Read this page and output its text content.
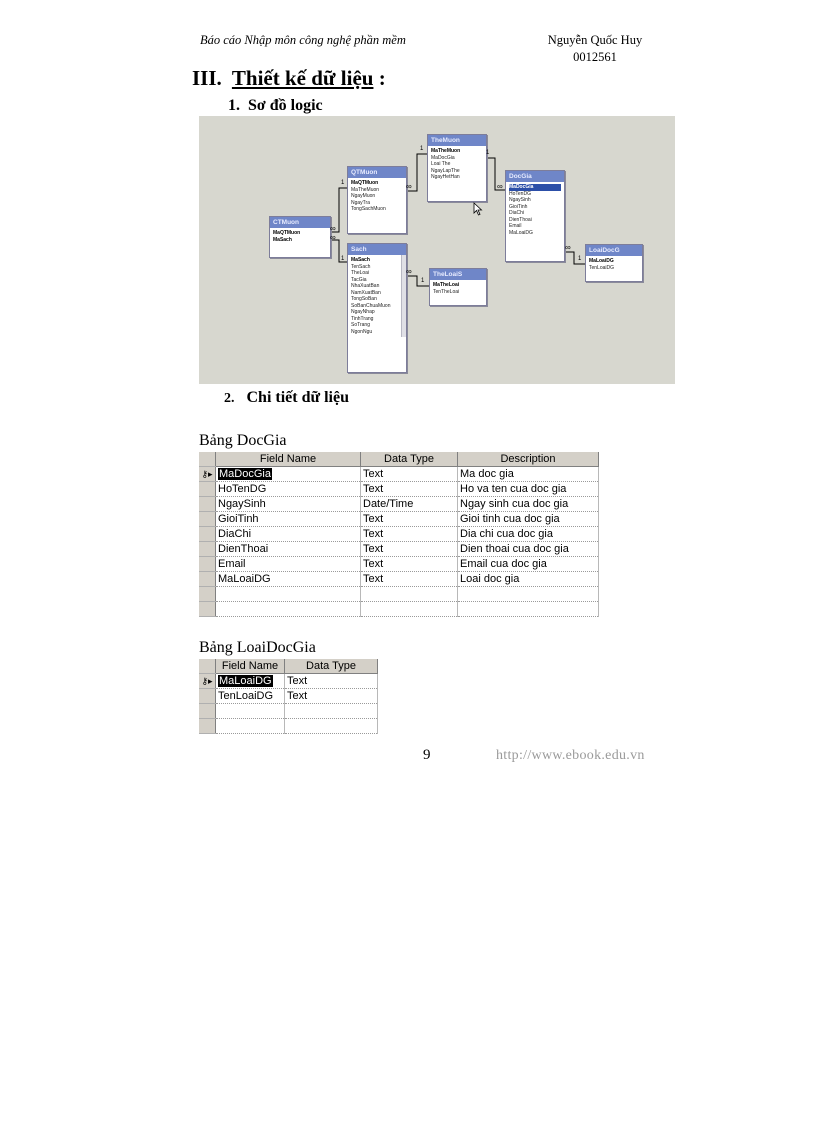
Báo cáo Nhập môn công nghệ phần mềm	Nguyễn Quốc Huy
0012561
III. Thiết kế dữ liệu :
1. Sơ đồ logic
CTMuon
MaQTMuon
MaSach
QTMuon
MaQTMuon
MaTheMuon
NgayMuon
NgayTra
TongSachMuon
TheMuon
MaTheMuon
MaDocGia
Loai The
NgayLapThe
NgayHetHan	DocGia
MaDocGia
HoTenDG
NgaySinh
GioiTinh
DiaChi
DienThoai
Email
MaLoaiDG
LoaiDocG
MaLoaiDG
TenLoaiDG
Sach
MaSach
TenSach
TheLoai
TacGia
NhaXuatBan
NamXuatBan
TongSoBan
SoBanChuaMuon
NgayNhap
TinhTrang
SoTrang
NgonNgu
TheLoaiS
MaTheLoai
TenTheLoai
1
∞
∞
1
∞
1
1
∞
∞
1
∞
1
2. Chi tiết dữ liệu
Bảng DocGia
	Field Name	Data Type	Description
⚷▸	MaDocGia	Text	Ma doc gia
	HoTenDG	Text	Ho va ten cua doc gia
	NgaySinh	Date/Time	Ngay sinh cua doc gia
	GioiTinh	Text	Gioi tinh cua doc gia
	DiaChi	Text	Dia chi cua doc gia
	DienThoai	Text	Dien thoai cua doc gia
	Email	Text	Email cua doc gia
	MaLoaiDG	Text	Loai doc gia

Bảng LoaiDocGia
	Field Name	Data Type
⚷▸	MaLoaiDG	Text
	TenLoaiDG	Text

9	http://www.ebook.edu.vn
